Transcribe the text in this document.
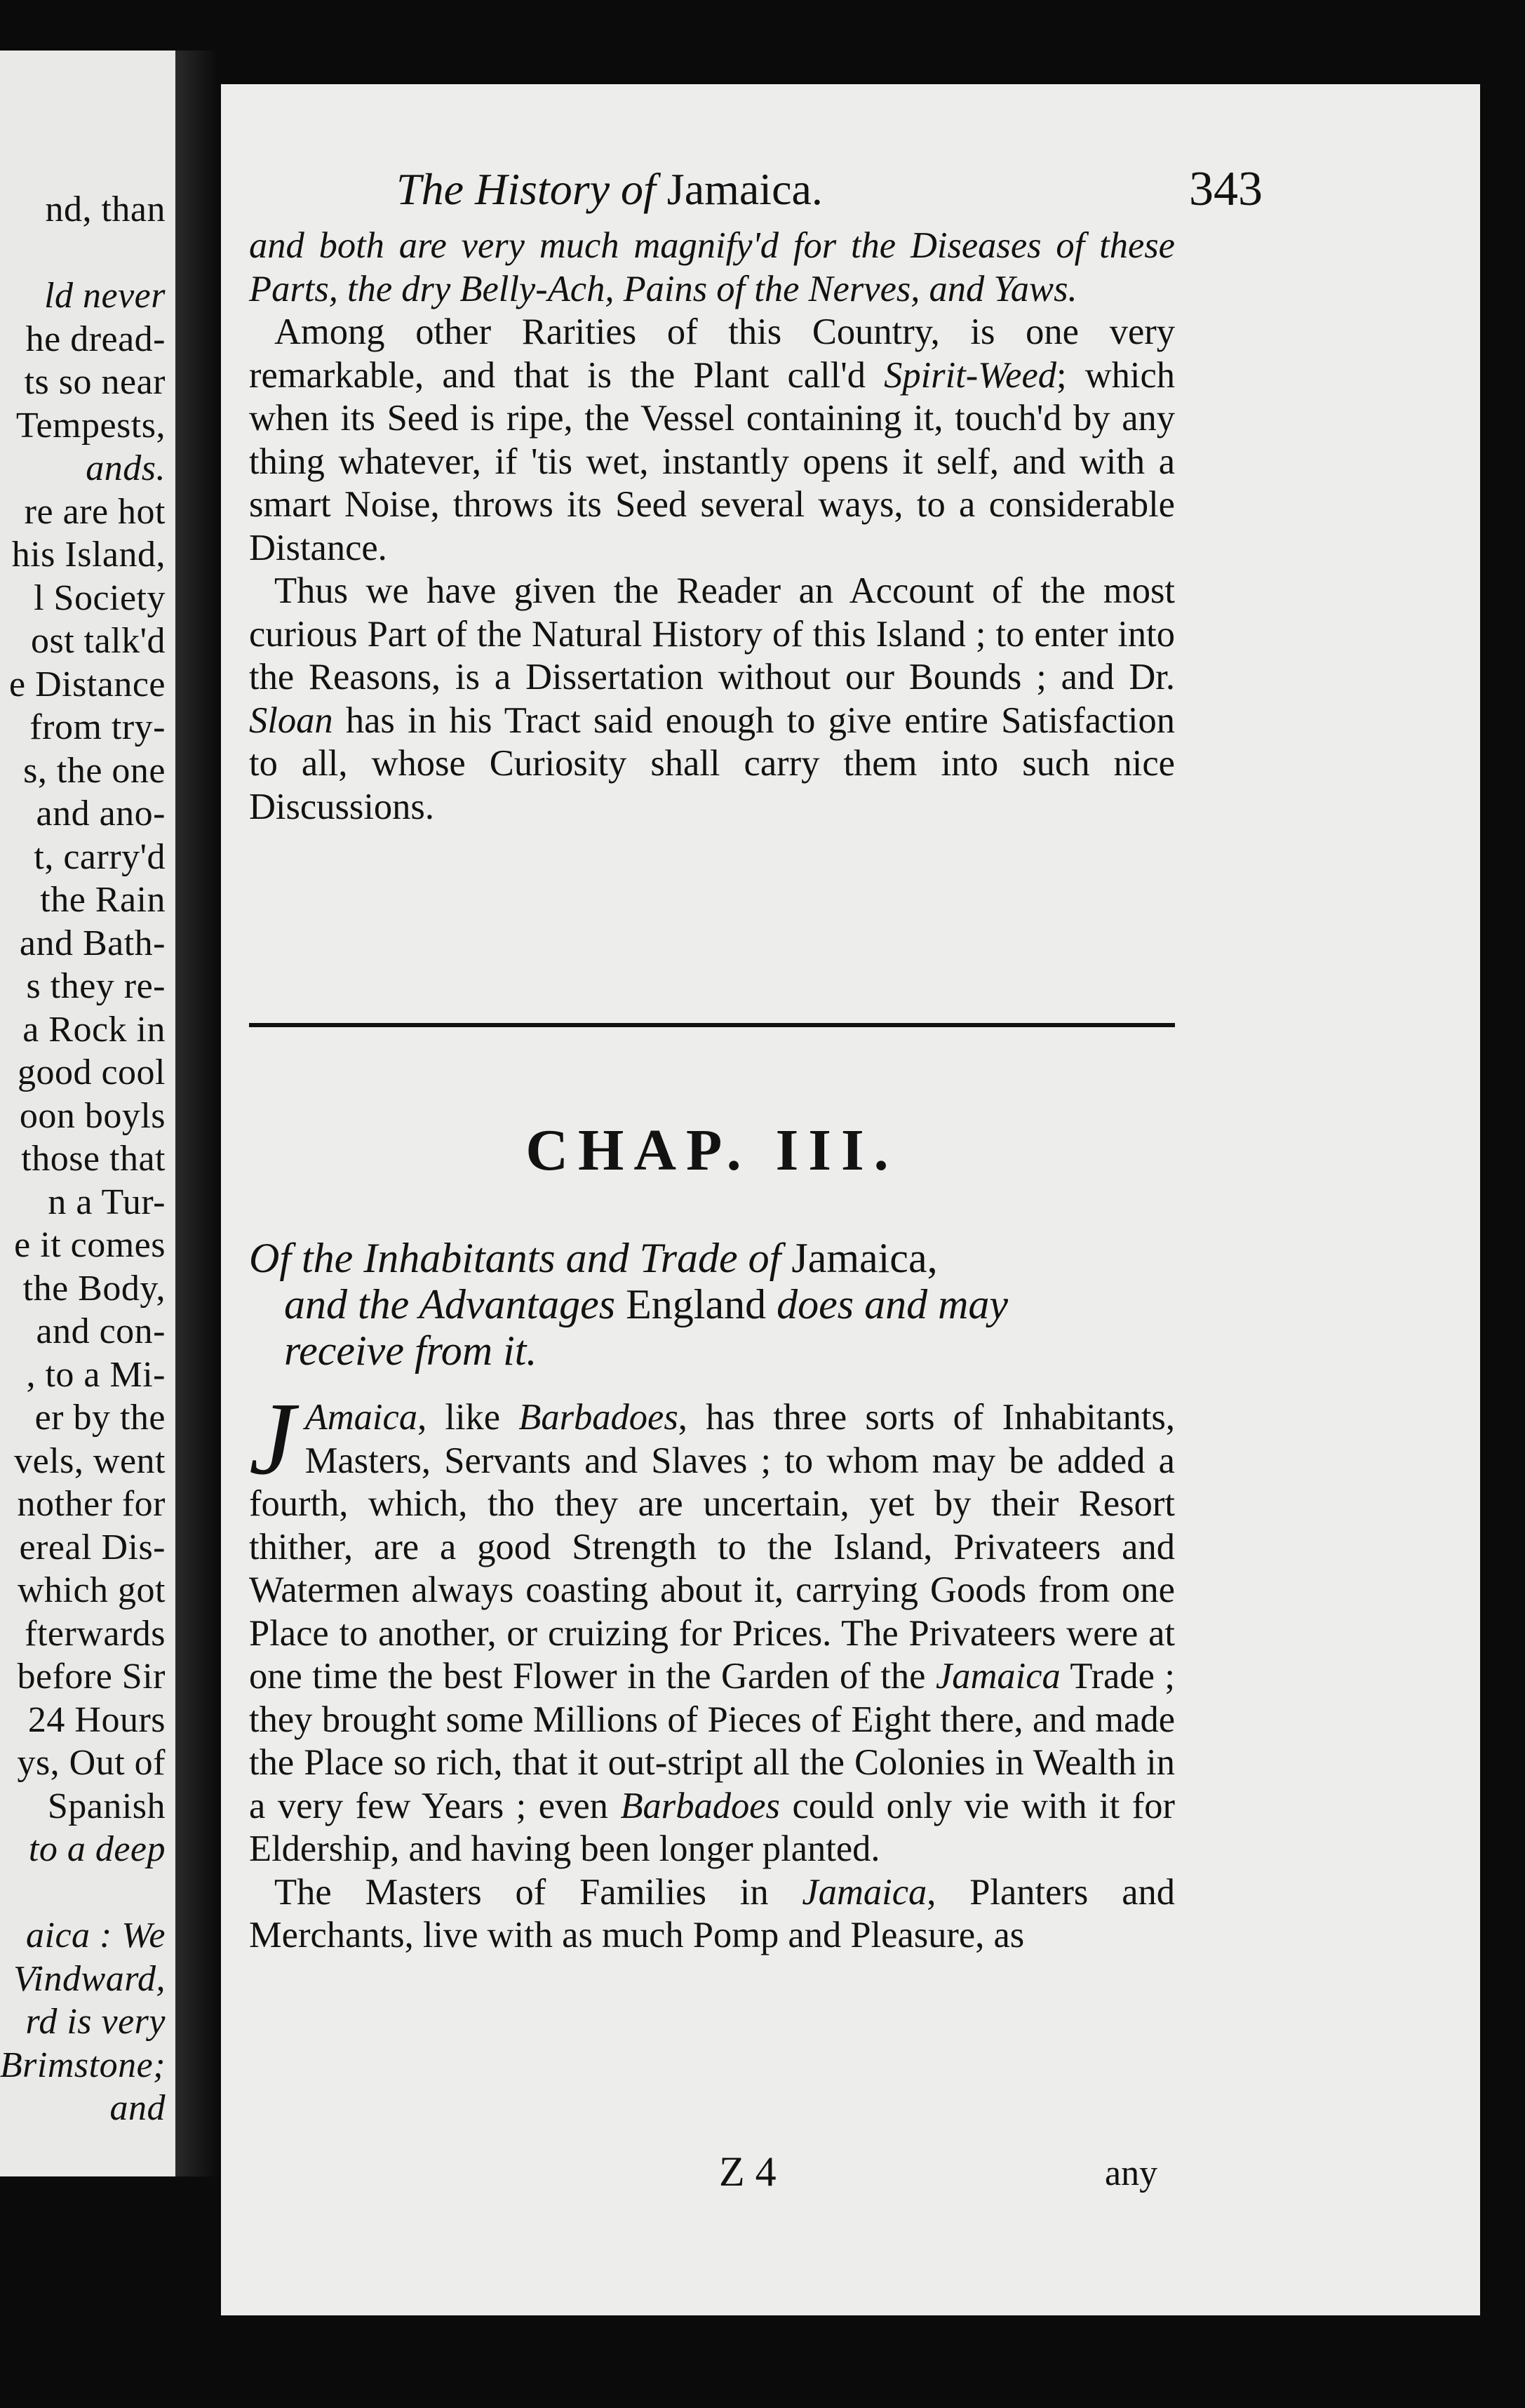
nd, than
ld never
he dread-
ts so near
Tempests,
ands.
re are hot
his Island,
l Society
ost talk'd
e Distance
from try-
s, the one
and ano-
t, carry'd
the Rain
and Bath-
s they re-
a Rock in
good cool
oon boyls
those that
n a Tur-
e it comes
the Body,
and con-
, to a Mi-
er by the
vels, went
nother for
ereal Dis-
which got
fterwards
before Sir
24 Hours
ys, Out of
Spanish
to a deep
aica : We
Vindward,
rd is very
Brimstone;
and
The History of Jamaica.	343

and both are very much magnify'd for the Diseases of these Parts, the dry Belly-Ach, Pains of the Nerves, and Yaws.

Among other Rarities of this Country, is one very remarkable, and that is the Plant call'd Spirit-Weed; which when its Seed is ripe, the Vessel containing it, touch'd by any thing whatever, if 'tis wet, instantly opens it self, and with a smart Noise, throws its Seed several ways, to a considerable Distance.

Thus we have given the Reader an Account of the most curious Part of the Natural History of this Island ; to enter into the Reasons, is a Dissertation without our Bounds ; and Dr. Sloan has in his Tract said enough to give entire Satisfaction to all, whose Curiosity shall carry them into such nice Discussions.

CHAP. III.
Of the Inhabitants and Trade of Jamaica,
and the Advantages England does and may
receive from it.

J Amaica, like Barbadoes, has three sorts of Inhabitants, Masters, Servants and Slaves ; to whom may be added a fourth, which, tho they are uncertain, yet by their Resort thither, are a good Strength to the Island, Privateers and Watermen always coasting about it, carrying Goods from one Place to another, or cruizing for Prices. The Privateers were at one time the best Flower in the Garden of the Jamaica Trade ; they brought some Millions of Pieces of Eight there, and made the Place so rich, that it out-stript all the Colonies in Wealth in a very few Years ; even Barbadoes could only vie with it for Eldership, and having been longer planted.

The Masters of Families in Jamaica, Planters and Merchants, live with as much Pomp and Pleasure, as

Z 4	any
